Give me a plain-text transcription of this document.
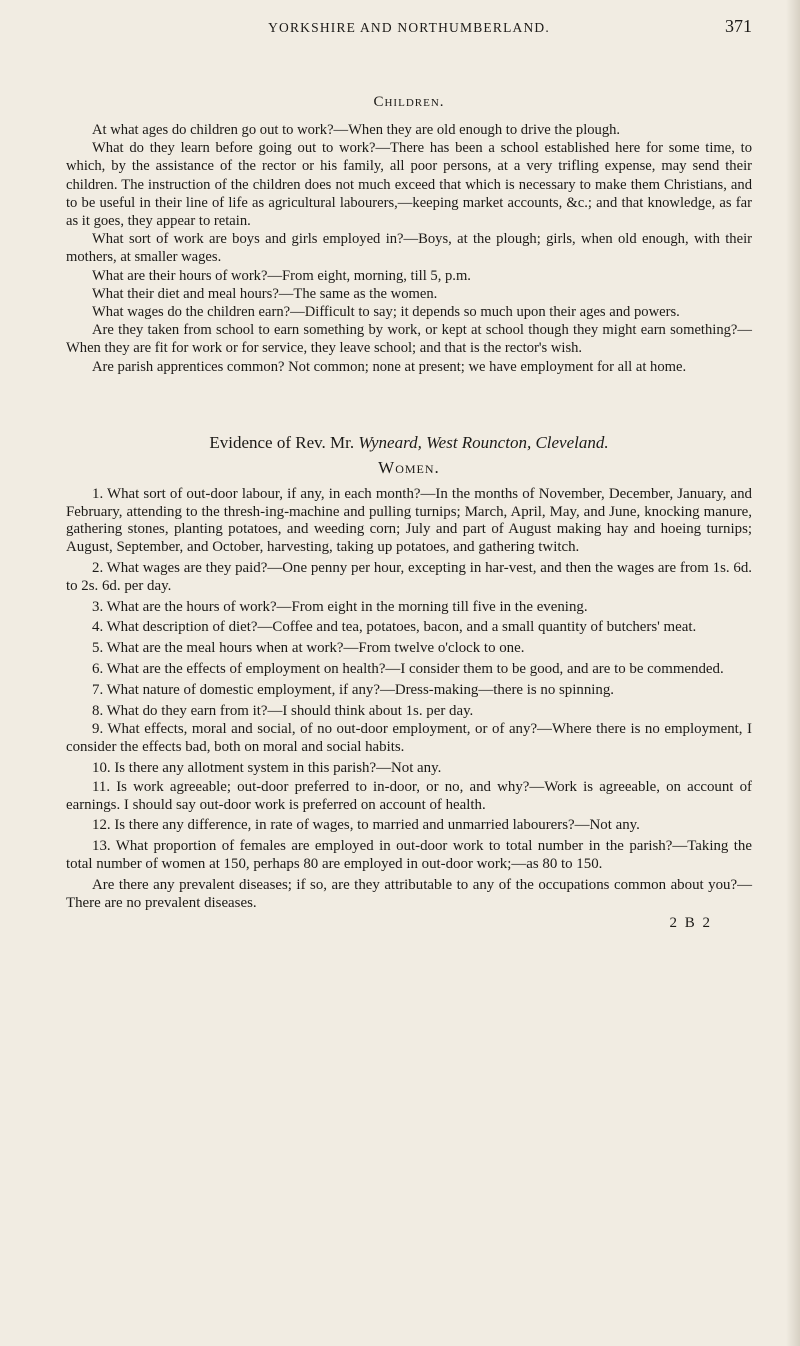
YORKSHIRE AND NORTHUMBERLAND.	371
Children.

At what ages do children go out to work?—When they are old enough to drive the plough.

What do they learn before going out to work?—There has been a school established here for some time, to which, by the assistance of the rector or his family, all poor persons, at a very trifling expense, may send their children. The instruction of the children does not much exceed that which is necessary to make them Christians, and to be useful in their line of life as agricultural labourers,—keeping market accounts, &c.; and that knowledge, as far as it goes, they appear to retain.

What sort of work are boys and girls employed in?—Boys, at the plough; girls, when old enough, with their mothers, at smaller wages.

What are their hours of work?—From eight, morning, till 5, p.m.

What their diet and meal hours?—The same as the women.

What wages do the children earn?—Difficult to say; it depends so much upon their ages and powers.

Are they taken from school to earn something by work, or kept at school though they might earn something?—When they are fit for work or for service, they leave school; and that is the rector's wish.

Are parish apprentices common? Not common; none at present; we have employment for all at home.

Evidence of Rev. Mr. Wyneard, West Rouncton, Cleveland.
Women.

1. What sort of out-door labour, if any, in each month?—In the months of November, December, January, and February, attending to the thresh-ing-machine and pulling turnips; March, April, May, and June, knocking manure, gathering stones, planting potatoes, and weeding corn; July and part of August making hay and hoeing turnips; August, September, and October, harvesting, taking up potatoes, and gathering twitch.

2. What wages are they paid?—One penny per hour, excepting in har-vest, and then the wages are from 1s. 6d. to 2s. 6d. per day.

3. What are the hours of work?—From eight in the morning till five in the evening.

4. What description of diet?—Coffee and tea, potatoes, bacon, and a small quantity of butchers' meat.

5. What are the meal hours when at work?—From twelve o'clock to one.

6. What are the effects of employment on health?—I consider them to be good, and are to be commended.

7. What nature of domestic employment, if any?—Dress-making—there is no spinning.

8. What do they earn from it?—I should think about 1s. per day.

9. What effects, moral and social, of no out-door employment, or of any?—Where there is no employment, I consider the effects bad, both on moral and social habits.

10. Is there any allotment system in this parish?—Not any.

11. Is work agreeable; out-door preferred to in-door, or no, and why?—Work is agreeable, on account of earnings. I should say out-door work is preferred on account of health.

12. Is there any difference, in rate of wages, to married and unmarried labourers?—Not any.

13. What proportion of females are employed in out-door work to total number in the parish?—Taking the total number of women at 150, perhaps 80 are employed in out-door work;—as 80 to 150.

Are there any prevalent diseases; if so, are they attributable to any of the occupations common about you?—There are no prevalent diseases.

2 B 2
